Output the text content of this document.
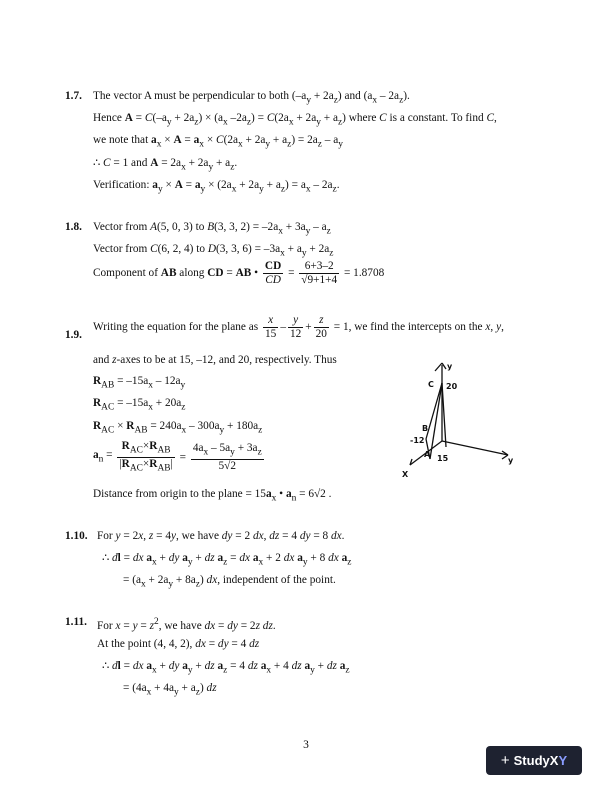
1.7. The vector A must be perpendicular to both $(-a_y + 2a_z)$ and $(a_x - 2a_z)$.
Hence $A = C(-a_y + 2a_z) \times (a_x$ $-2a_z) = C(2a_x + 2a_y + a_z)$ where C is a constant. To find C,
we note that $a_x \times A = a_x \times C(2a_x + 2a_y + a_z) = 2a_z - a_y$
∴ C = 1 and $A = 2a_x + 2a_y + a_z$.
Verification: $a_y \times A = a_y \times (2a_x + 2a_y + a_z) = a_x - 2a_z$.
1.8. Vector from A(5, 0, 3) to B(3, 3, $2) = -2a_x + 3a_y - a_z$
Vector from C(6, 2, 4) to D(3, 3, $6) = -3a_x + a_y + 2a_z$
Component of AB along CD = AB • $\frac{CD}{CD} = \frac{6+3-2}{√9+1+4} = 1.8708$
1.9.
Writing the equation for the plane as $\frac{x}{15} - \frac{y}{12} + \frac{z}{20} = 1$, we find the intercepts on the x, y,
and z-axes to be at 15, –12, and 20, respectively. Thus
$R_{AB} = -15a_x - 12a_y$
$R_{AC} = -15a_x + 20a_z$
$R_{AC} \times R_{AB} = 240a_x - 300a_y + 180a_z$
$a_n = \frac{R_{AC}\times R_{AB}}{|R_{AC}\times R_{AB}|} = \frac{4a_x - 5a_y + 3a_z}{5√2}$
Distance from origin to the plane = $15a_x$ • $a_n = 6√2$ .
y
C 20
B
-12
A 15	y
X
1.10. For y = 2x, z = 4y, we have dy = 2 dx, dz = 4 dy = 8 dx.
∴ dl = dx $a_x$ + dy $a_y$ + dz $a_z$ = dx $a_x + 2$ dx $a_y + 8$ dx $a_z$
= $(a_x + 2a_y + 8a_z)$ dx, independent of the point.
1.11. For $x = y = z^2$, we have dx = dy = 2z dz.
At the point (4, 4, 2), dx = dy = 4 dz
∴ dl = dx $a_x$ + dy $a_y$ + dz $a_z = 4$ dz $a_x + 4$ dz $a_y$ + dz $a_z$
= $(4a_x + 4a_y + a_z)$ dz
3
+ StudyXY
